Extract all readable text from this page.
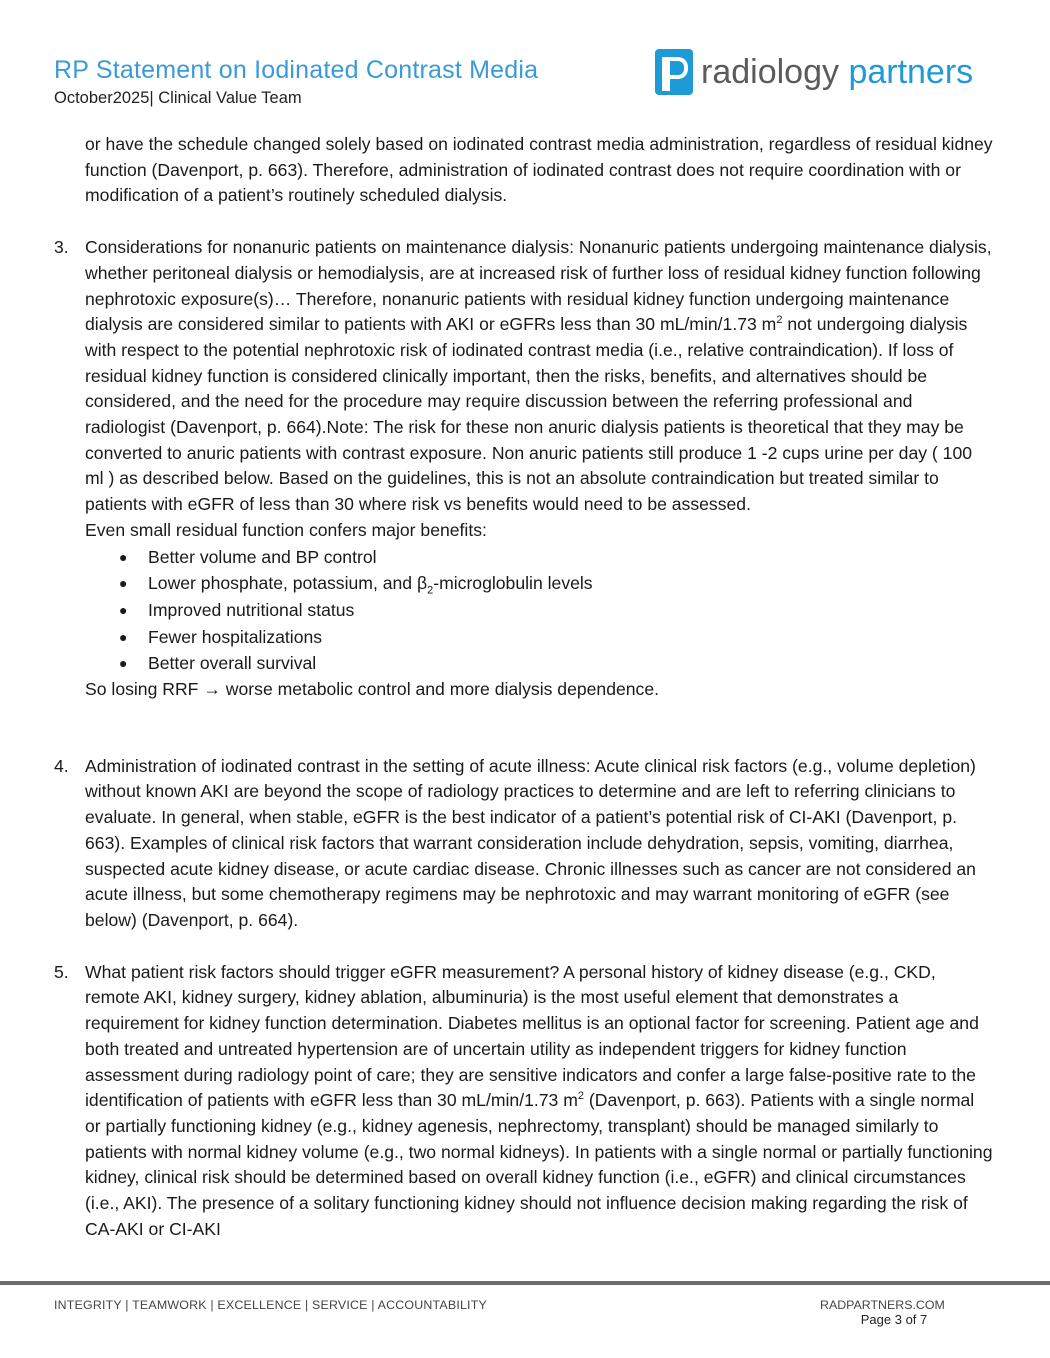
RP Statement on Iodinated Contrast Media
October2025| Clinical Value Team
radiology partners
or have the schedule changed solely based on iodinated contrast media administration, regardless of residual kidney function (Davenport, p. 663). Therefore, administration of iodinated contrast does not require coordination with or modification of a patient’s routinely scheduled dialysis.
3. Considerations for nonanuric patients on maintenance dialysis: Nonanuric patients undergoing maintenance dialysis, whether peritoneal dialysis or hemodialysis, are at increased risk of further loss of residual kidney function following nephrotoxic exposure(s)… Therefore, nonanuric patients with residual kidney function undergoing maintenance dialysis are considered similar to patients with AKI or eGFRs less than 30 mL/min/1.73 $m^2$ not undergoing dialysis with respect to the potential nephrotoxic risk of iodinated contrast media (i.e., relative contraindication). If loss of residual kidney function is considered clinically important, then the risks, benefits, and alternatives should be considered, and the need for the procedure may require discussion between the referring professional and radiologist (Davenport, p. 664).Note: The risk for these non anuric dialysis patients is theoretical that they may be converted to anuric patients with contrast exposure. Non anuric patients still produce 1 -2 cups urine per day ( 100 ml ) as described below. Based on the guidelines, this is not an absolute contraindication but treated similar to patients with eGFR of less than 30 where risk vs benefits would need to be assessed.
Even small residual function confers major benefits:
● Better volume and BP control
● Lower phosphate, potassium, and $\beta_2$-microglobulin levels
● Improved nutritional status
● Fewer hospitalizations
● Better overall survival
So losing RRF → worse metabolic control and more dialysis dependence.
4. Administration of iodinated contrast in the setting of acute illness: Acute clinical risk factors (e.g., volume depletion) without known AKI are beyond the scope of radiology practices to determine and are left to referring clinicians to evaluate. In general, when stable, eGFR is the best indicator of a patient’s potential risk of CI-AKI (Davenport, p. 663). Examples of clinical risk factors that warrant consideration include dehydration, sepsis, vomiting, diarrhea, suspected acute kidney disease, or acute cardiac disease. Chronic illnesses such as cancer are not considered an acute illness, but some chemotherapy regimens may be nephrotoxic and may warrant monitoring of eGFR (see below) (Davenport, p. 664).
5. What patient risk factors should trigger eGFR measurement? A personal history of kidney disease (e.g., CKD, remote AKI, kidney surgery, kidney ablation, albuminuria) is the most useful element that demonstrates a requirement for kidney function determination. Diabetes mellitus is an optional factor for screening. Patient age and both treated and untreated hypertension are of uncertain utility as independent triggers for kidney function assessment during radiology point of care; they are sensitive indicators and confer a large false-positive rate to the identification of patients with eGFR less than 30 mL/min/1.73 $m^2$ (Davenport, p. 663). Patients with a single normal or partially functioning kidney (e.g., kidney agenesis, nephrectomy, transplant) should be managed similarly to patients with normal kidney volume (e.g., two normal kidneys). In patients with a single normal or partially functioning kidney, clinical risk should be determined based on overall kidney function (i.e., eGFR) and clinical circumstances (i.e., AKI). The presence of a solitary functioning kidney should not influence decision making regarding the risk of CA-AKI or CI-AKI
INTEGRITY | TEAMWORK | EXCELLENCE | SERVICE | ACCOUNTABILITY	RADPARTNERS.COM
Page 3 of 7
